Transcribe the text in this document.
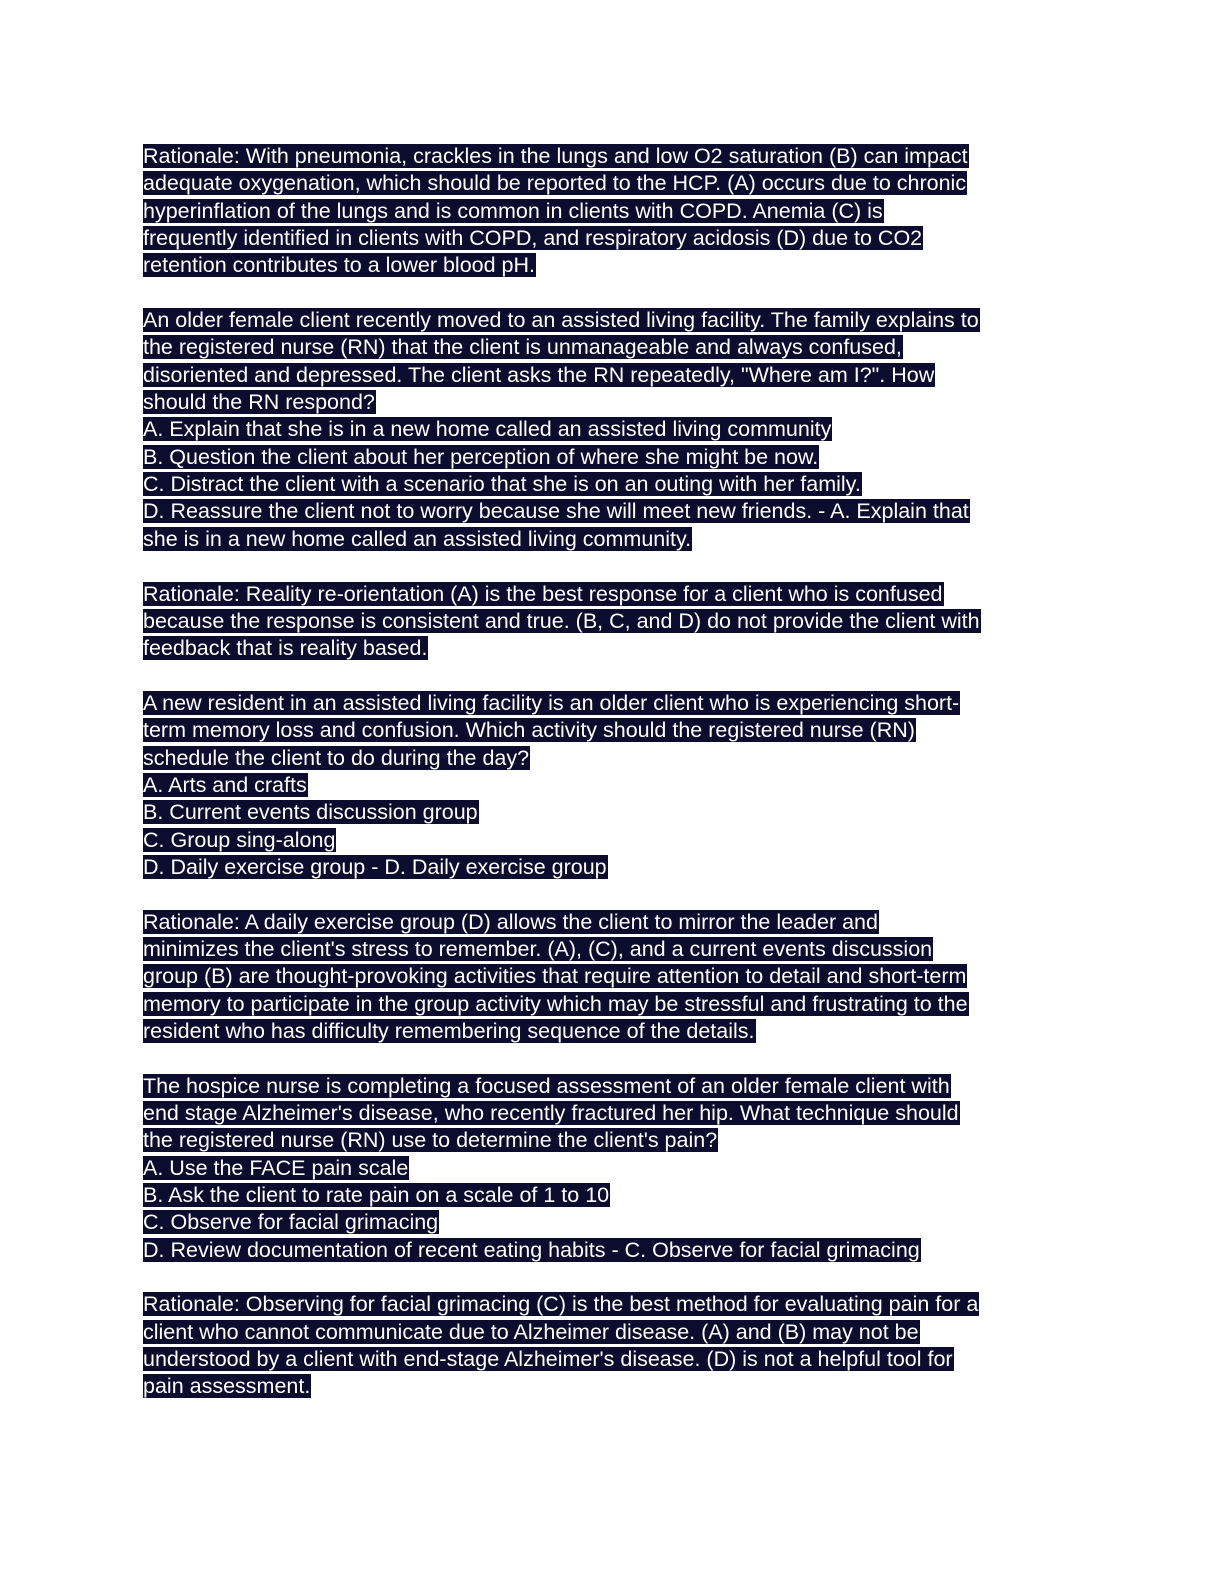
Rationale: With pneumonia, crackles in the lungs and low O2 saturation (B) can impact
adequate oxygenation, which should be reported to the HCP. (A) occurs due to chronic
hyperinflation of the lungs and is common in clients with COPD. Anemia (C) is
frequently identified in clients with COPD, and respiratory acidosis (D) due to CO2
retention contributes to a lower blood pH.
An older female client recently moved to an assisted living facility. The family explains to
the registered nurse (RN) that the client is unmanageable and always confused,
disoriented and depressed. The client asks the RN repeatedly, "Where am I?". How
should the RN respond?
A. Explain that she is in a new home called an assisted living community
B. Question the client about her perception of where she might be now.
C. Distract the client with a scenario that she is on an outing with her family.
D. Reassure the client not to worry because she will meet new friends. - A. Explain that
she is in a new home called an assisted living community.
Rationale: Reality re-orientation (A) is the best response for a client who is confused
because the response is consistent and true. (B, C, and D) do not provide the client with
feedback that is reality based.
A new resident in an assisted living facility is an older client who is experiencing short-
term memory loss and confusion. Which activity should the registered nurse (RN)
schedule the client to do during the day?
A. Arts and crafts
B. Current events discussion group
C. Group sing-along
D. Daily exercise group - D. Daily exercise group
Rationale: A daily exercise group (D) allows the client to mirror the leader and
minimizes the client's stress to remember. (A), (C), and a current events discussion
group (B) are thought-provoking activities that require attention to detail and short-term
memory to participate in the group activity which may be stressful and frustrating to the
resident who has difficulty remembering sequence of the details.
The hospice nurse is completing a focused assessment of an older female client with
end stage Alzheimer's disease, who recently fractured her hip. What technique should
the registered nurse (RN) use to determine the client's pain?
A. Use the FACE pain scale
B. Ask the client to rate pain on a scale of 1 to 10
C. Observe for facial grimacing
D. Review documentation of recent eating habits - C. Observe for facial grimacing
Rationale: Observing for facial grimacing (C) is the best method for evaluating pain for a
client who cannot communicate due to Alzheimer disease. (A) and (B) may not be
understood by a client with end-stage Alzheimer's disease. (D) is not a helpful tool for
pain assessment.
